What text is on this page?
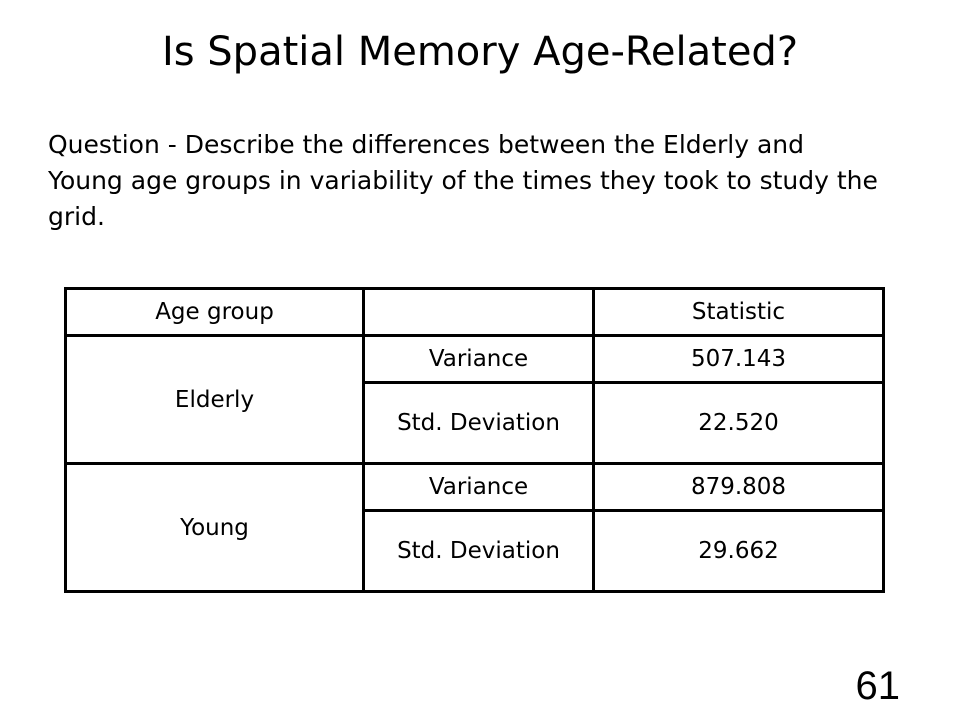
Is Spatial Memory Age-Related?

Question - Describe the differences between the Elderly and Young age groups in variability of the times they took to study the grid.

Age group		Statistic
Elderly	Variance	507.143
	Std. Deviation	22.520
Young	Variance	879.808
	Std. Deviation	29.662
61
